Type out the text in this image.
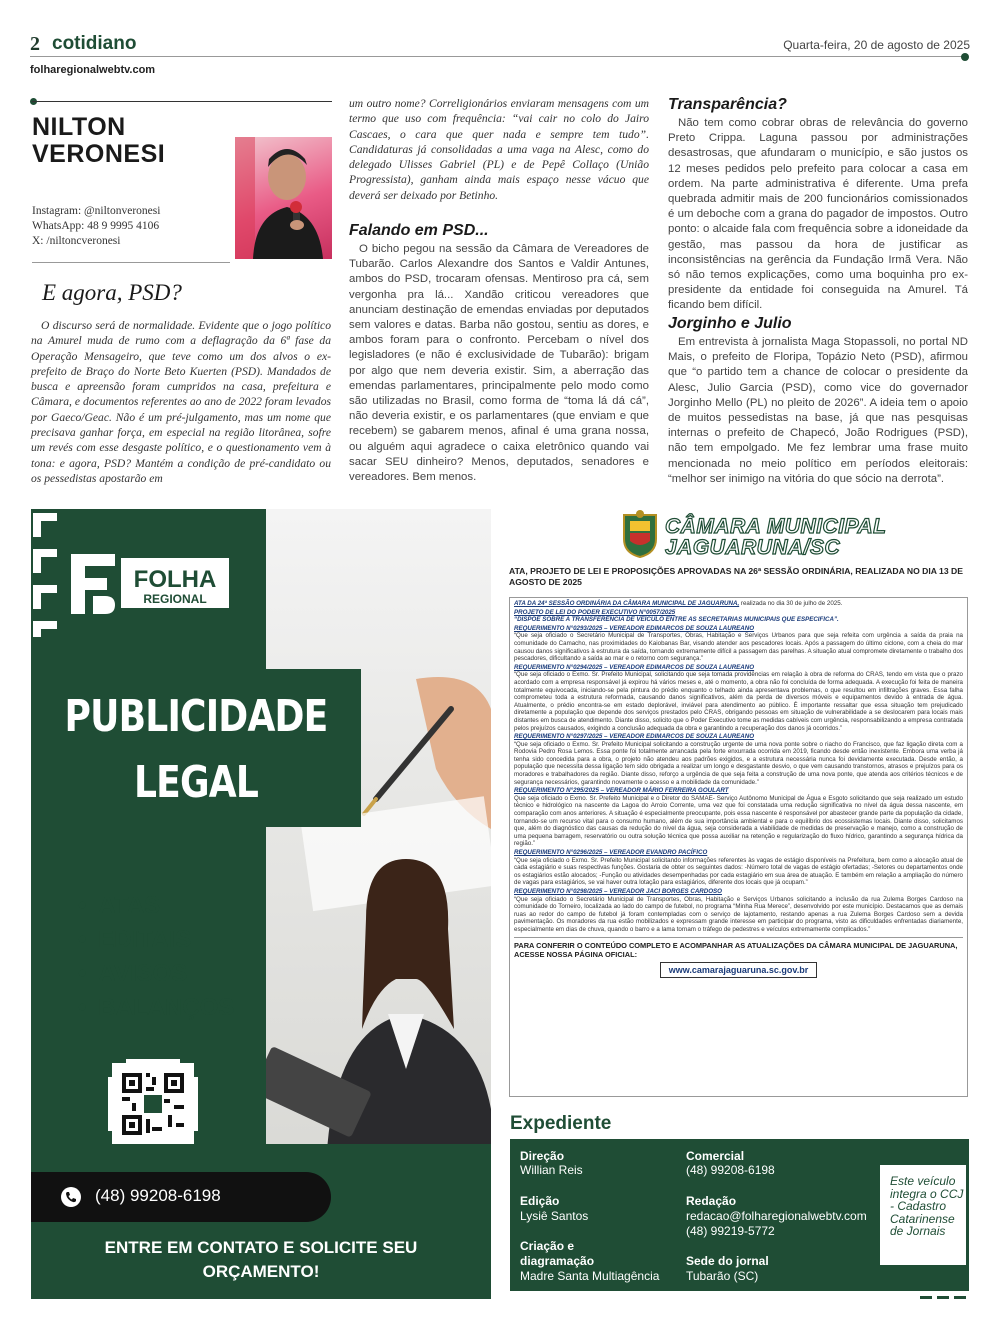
2 cotidiano	Quarta-feira, 20 de agosto de 2025
folharegionalwebtv.com
NILTON
VERONESI
Instagram: @niltonveronesi
WhatsApp: 48 9 9995 4106
X: /niltoncveronesi
E agora, PSD?
O discurso será de normalidade. Evidente que o jogo político na Amurel muda de rumo com a deflagração da 6ª fase da Operação Mensageiro, que teve como um dos alvos o ex-prefeito de Braço do Norte Beto Kuerten (PSD). Mandados de busca e apreensão foram cumpridos na casa, prefeitura e Câmara, e documentos referentes ao ano de 2022 foram levados por Gaeco/Geac. Não é um pré-julgamento, mas um nome que precisava ganhar força, em especial na região litorânea, sofre um revés com esse desgaste político, e o questionamento vem à tona: e agora, PSD? Mantém a condição de pré-candidato ou os pessedistas apostarão em
um outro nome? Correligionários enviaram mensagens com um termo que uso com frequência: “vai cair no colo do Jairo Cascaes, o cara que quer nada e sempre tem tudo”. Candidaturas já consolidadas a uma vaga na Alesc, como do delegado Ulisses Gabriel (PL) e de Pepê Collaço (União Progressista), ganham ainda mais espaço nesse vácuo que deverá ser deixado por Betinho.
Falando em PSD...
O bicho pegou na sessão da Câmara de Vereadores de Tubarão. Carlos Alexandre dos Santos e Valdir Antunes, ambos do PSD, trocaram ofensas. Mentiroso pra cá, sem vergonha pra lá... Xandão criticou vereadores que anunciam destinação de emendas enviadas por deputados sem valores e datas. Barba não gostou, sentiu as dores, e ambos foram para o confronto. Percebam o nível dos legisladores (e não é exclusividade de Tubarão): brigam por algo que nem deveria existir. Sim, a aberração das emendas parlamentares, principalmente pelo modo como são utilizadas no Brasil, como forma de “toma lá dá cá”, não deveria existir, e os parlamentares (que enviam e que recebem) se gabarem menos, afinal é uma grana nossa, ou alguém aqui agradece o caixa eletrônico quando vai sacar SEU dinheiro? Menos, deputados, senadores e vereadores. Bem menos.
Transparência?
Não tem como cobrar obras de relevância do governo Preto Crippa. Laguna passou por administrações desastrosas, que afundaram o município, e são justos os 12 meses pedidos pelo prefeito para colocar a casa em ordem. Na parte administrativa é diferente. Uma prefa quebrada admitir mais de 200 funcionários comissionados é um deboche com a grana do pagador de impostos. Outro ponto: o alcaide fala com frequência sobre a idoneidade da gestão, mas passou da hora de justificar as inconsistências na gerência da Fundação Irmã Vera. Não só não temos explicações, como uma boquinha pro ex-presidente da entidade foi conseguida na Amurel. Tá ficando bem difícil.
Jorginho e Julio
Em entrevista à jornalista Maga Stopassoli, no portal ND Mais, o prefeito de Floripa, Topázio Neto (PSD), afirmou que “o partido tem a chance de colocar o presidente da Alesc, Julio Garcia (PSD), como vice do governador Jorginho Mello (PL) no pleito de 2026”. A ideia tem o apoio de muitos pessedistas na base, já que nas pesquisas internas o prefeito de Chapecó, João Rodrigues (PSD), não tem empolgado. Me fez lembrar uma frase muito mencionada no meio político em períodos eleitorais: “melhor ser inimigo na vitória do que sócio na derrota”.
FOLHA
REGIONAL
PUBLICIDADE
LEGAL
• ATAS
• EDITAIS
• AVISOS
• BALANÇOS
(48) 99208-6198
ENTRE EM CONTATO E SOLICITE SEU ORÇAMENTO!
CÂMARA MUNICIPAL
JAGUARUNA/SC
ATA, PROJETO DE LEI E PROPOSIÇÕES APROVADAS NA 26ª SESSÃO ORDINÁRIA, REALIZADA NO DIA 13 DE AGOSTO DE 2025

ATA DA 24ª SESSÃO ORDINÁRIA DA CÂMARA MUNICIPAL DE JAGUARUNA, realizada no dia 30 de julho de 2025.

PROJETO DE LEI DO PODER EXECUTIVO N°0057/2025
“DISPÕE SOBRE A TRANSFERÊNCIA DE VEÍCULO ENTRE AS SECRETARIAS MUNICIPAIS QUE ESPECIFICA”.

REQUERIMENTO N°0293/2025 – VEREADOR EDIMARCOS DE SOUZA LAUREANO
“Que seja oficiado o Secretário Municipal de Transportes, Obras, Habitação e Serviços Urbanos para que seja refeita com urgência a saída da praia na comunidade do Camacho, nas proximidades do Kaiobanas Bar, visando atender aos pescadores locais. Após a passagem do último ciclone, com a cheia do mar causou danos significativos à estrutura da saída, tornando extremamente difícil a passagem das parelhas. A situação atual compromete diretamente o trabalho dos pescadores, dificultando a saída ao mar e o retorno com segurança.”

REQUERIMENTO N°0294/2025 – VEREADOR EDIMARCOS DE SOUZA LAUREANO
“Que seja oficiado o Exmo. Sr. Prefeito Municipal, solicitando que seja tomada providências em relação à obra de reforma do CRAS, tendo em vista que o prazo acordado com a empresa responsável já expirou há vários meses e, até o momento, a obra não foi concluída de forma adequada. A execução foi feita de maneira totalmente equivocada, iniciando-se pela pintura do prédio enquanto o telhado ainda apresentava problemas, o que resultou em infiltrações graves. Essa falha comprometeu toda a estrutura reformada, causando danos significativos, além da perda de diversos móveis e equipamentos devido à entrada de água. Atualmente, o prédio encontra-se em estado deplorável, inviável para atendimento ao público. É importante ressaltar que essa situação tem prejudicado diretamente a população que depende dos serviços prestados pelo CRAS, obrigando pessoas em situação de vulnerabilidade a se deslocarem para locais mais distantes em busca de atendimento. Diante disso, solicito que o Poder Executivo tome as medidas cabíveis com urgência, responsabilizando a empresa contratada pelos prejuízos causados, exigindo a conclusão adequada da obra e garantindo a recuperação dos danos já ocorridos.”

REQUERIMENTO N°0297/2025 – VEREADOR EDIMARCOS DE SOUZA LAUREANO
“Que seja oficiado o Exmo. Sr. Prefeito Municipal solicitando a construção urgente de uma nova ponte sobre o riacho do Francisco, que faz ligação direta com a Rodovia Pedro Rosa Lemos. Essa ponte foi totalmente arrancada pela forte enxurrada ocorrida em 2019, ficando desde então inexistente. Embora uma verba já tenha sido concedida para a obra, o projeto não atendeu aos padrões exigidos, e a estrutura necessária nunca foi devidamente executada. Desde então, a população que necessita dessa ligação tem sido obrigada a realizar um longo e desgastante desvio, o que vem causando transtornos, atrasos e prejuízos para os moradores e trabalhadores da região. Diante disso, reforço a urgência de que seja feita a construção de uma nova ponte, que atenda aos critérios técnicos e de segurança necessários, garantindo novamente o acesso e a mobilidade da comunidade.”

REQUERIMENTO N°295/2025 – VEREADOR MÁRIO FERREIRA GOULART
Que seja oficiado o Exmo. Sr. Prefeito Municipal e o Diretor do SAMAE- Serviço Autônomo Municipal de Água e Esgoto solicitando que seja realizado um estudo técnico e hidrológico na nascente da Lagoa do Arroio Corrente, uma vez que foi constatada uma redução significativa no nível da água dessa nascente, em comparação com anos anteriores. A situação é especialmente preocupante, pois essa nascente é responsável por abastecer grande parte da população da cidade, tornando-se um recurso vital para o consumo humano, além de sua importância ambiental e para o equilíbrio dos ecossistemas locais. Diante disso, solicitamos que, além do diagnóstico das causas da redução do nível da água, seja considerada a viabilidade de medidas de preservação e manejo, como a construção de uma pequena barragem, reservatório ou outra solução técnica que possa auxiliar na retenção e regularização do fluxo hídrico, garantindo a segurança hídrica da região.”

REQUERIMENTO N°0296/2025 – VEREADOR EVANDRO PACÍFICO
“Que seja oficiado o Exmo. Sr. Prefeito Municipal solicitando informações referentes às vagas de estágio disponíveis na Prefeitura, bem como a alocação atual de cada estagiário e suas respectivas funções. Gostaria de obter os seguintes dados: -Número total de vagas de estágio ofertadas; -Setores ou departamentos onde os estagiários estão alocados; -Função ou atividades desempenhadas por cada estagiário em sua área de atuação. E também em relação a ampliação do número de vagas para estagiários, se vai haver outra lotação para estagiários, diferente dos locais que já ocupam.”

REQUERIMENTO N°0298/2025 – VEREADOR JACI BORGES CARDOSO
“Que seja oficiado o Secretário Municipal de Transportes, Obras, Habitação e Serviços Urbanos solicitando a inclusão da rua Zulema Borges Cardoso na comunidade do Torneiro, localizada ao lado do campo de futebol, no programa “Minha Rua Merece”, desenvolvido por este município. Destacamos que as demais ruas ao redor do campo de futebol já foram contempladas com o serviço de lajotamento, restando apenas a rua Zulema Borges Cardoso sem a devida pavimentação. Os moradores da rua estão mobilizados e expressam grande interesse em participar do programa, visto as dificuldades enfrentadas diariamente, especialmente em dias de chuva, quando o barro e a lama tornam o tráfego de pedestres e veículos extremamente complicados.”

PARA CONFERIR O CONTEÚDO COMPLETO E ACOMPANHAR AS ATUALIZAÇÕES DA CÂMARA MUNICIPAL DE JAGUARUNA, ACESSE NOSSA PÁGINA OFICIAL:
www.camarajaguaruna.sc.gov.br
Expediente
Direção
Willian Reis
Edição
Lysiê Santos
Criação e diagramação
Madre Santa Multiagência
Comercial
(48) 99208-6198
Redação
redacao@folharegionalwebtv.com
(48) 99219-5772
Sede do jornal
Tubarão (SC)
Este veículo integra o CCJ - Cadastro Catarinense de Jornais
